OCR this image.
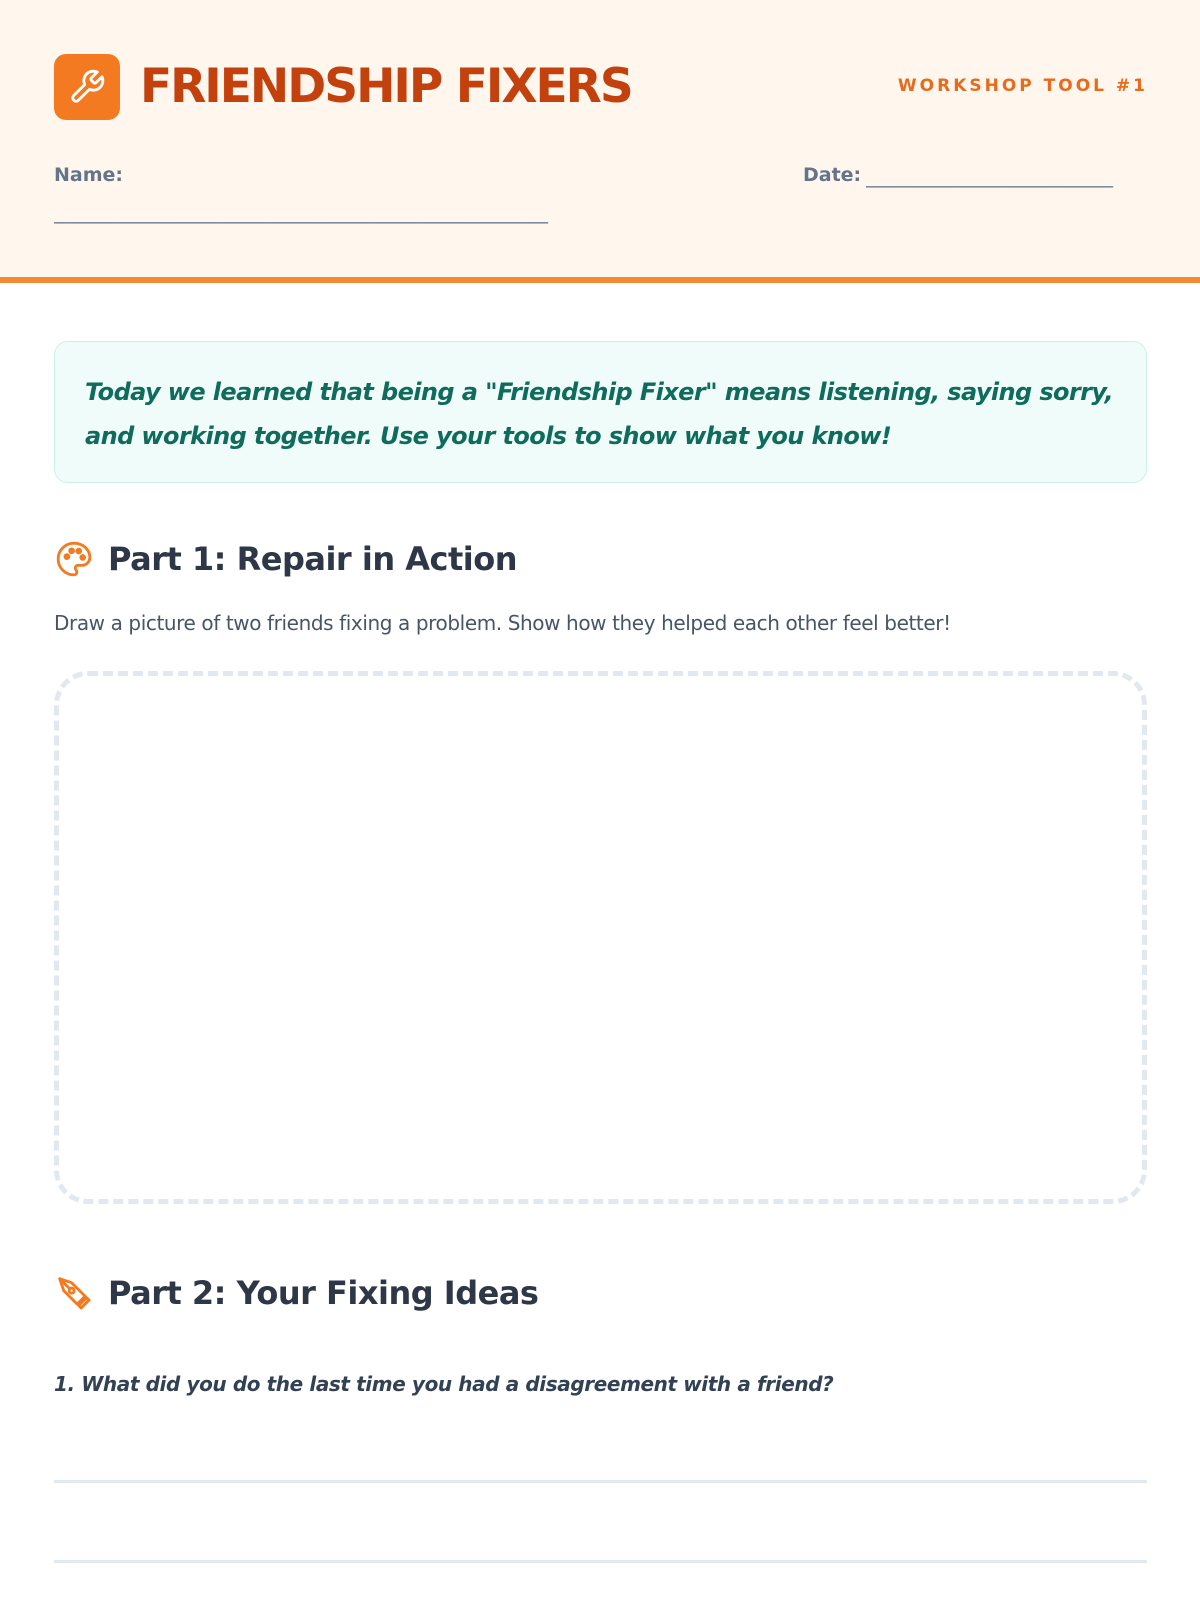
FRIENDSHIP FIXERS	WORKSHOP TOOL #1
Name:
____________________________________________________
Date: __________________________
Today we learned that being a "Friendship Fixer" means listening, saying sorry, and working together. Use your tools to show what you know!
Part 1: Repair in Action
Draw a picture of two friends fixing a problem. Show how they helped each other feel better!
Part 2: Your Fixing Ideas
1. What did you do the last time you had a disagreement with a friend?
